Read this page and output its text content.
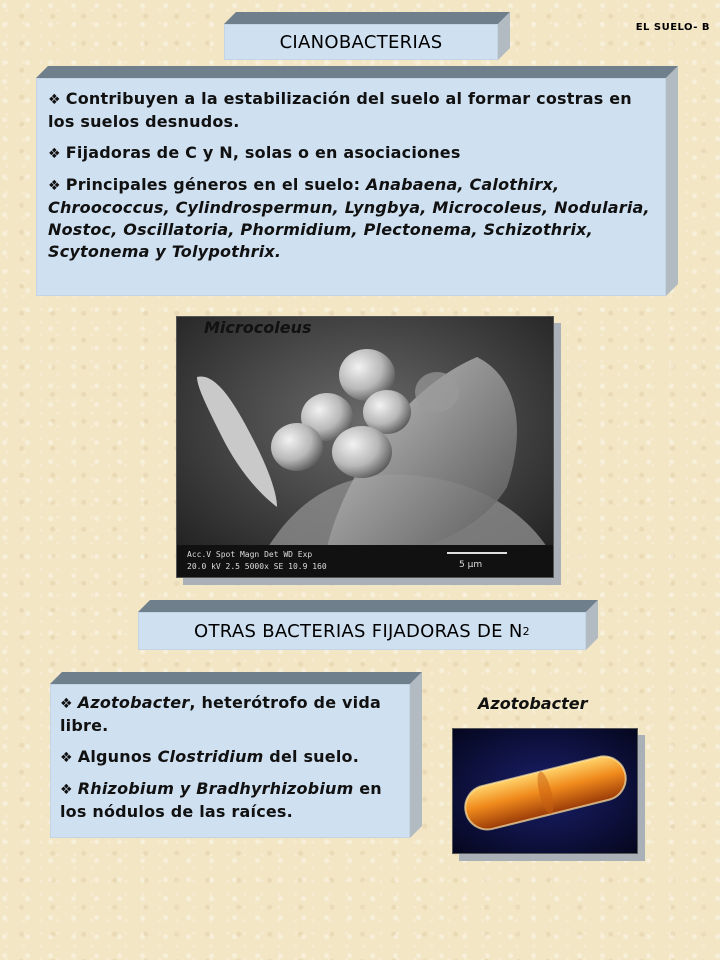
EL SUELO- B
CIANOBACTERIAS

❖ Contribuyen a la estabilización del suelo al formar costras en los suelos desnudos.

❖ Fijadoras de C y N, solas o en asociaciones

❖ Principales géneros en el suelo: Anabaena, Calothirx, Chroococcus, Cylindrospermun, Lyngbya, Microcoleus, Nodularia, Nostoc, Oscillatoria, Phormidium, Plectonema, Schizothrix, Scytonema y Tolypothrix.

Acc.V Spot Magn Det WD Exp
20.0 kV 2.5 5000x SE 10.9 160	5 µm
Microcoleus
OTRAS BACTERIAS FIJADORAS DE N 2

❖ Azotobacter, heterótrofo de vida libre.

❖ Algunos Clostridium del suelo.

❖ Rhizobium y Bradhyrhizobium en los nódulos de las raíces.

Azotobacter
